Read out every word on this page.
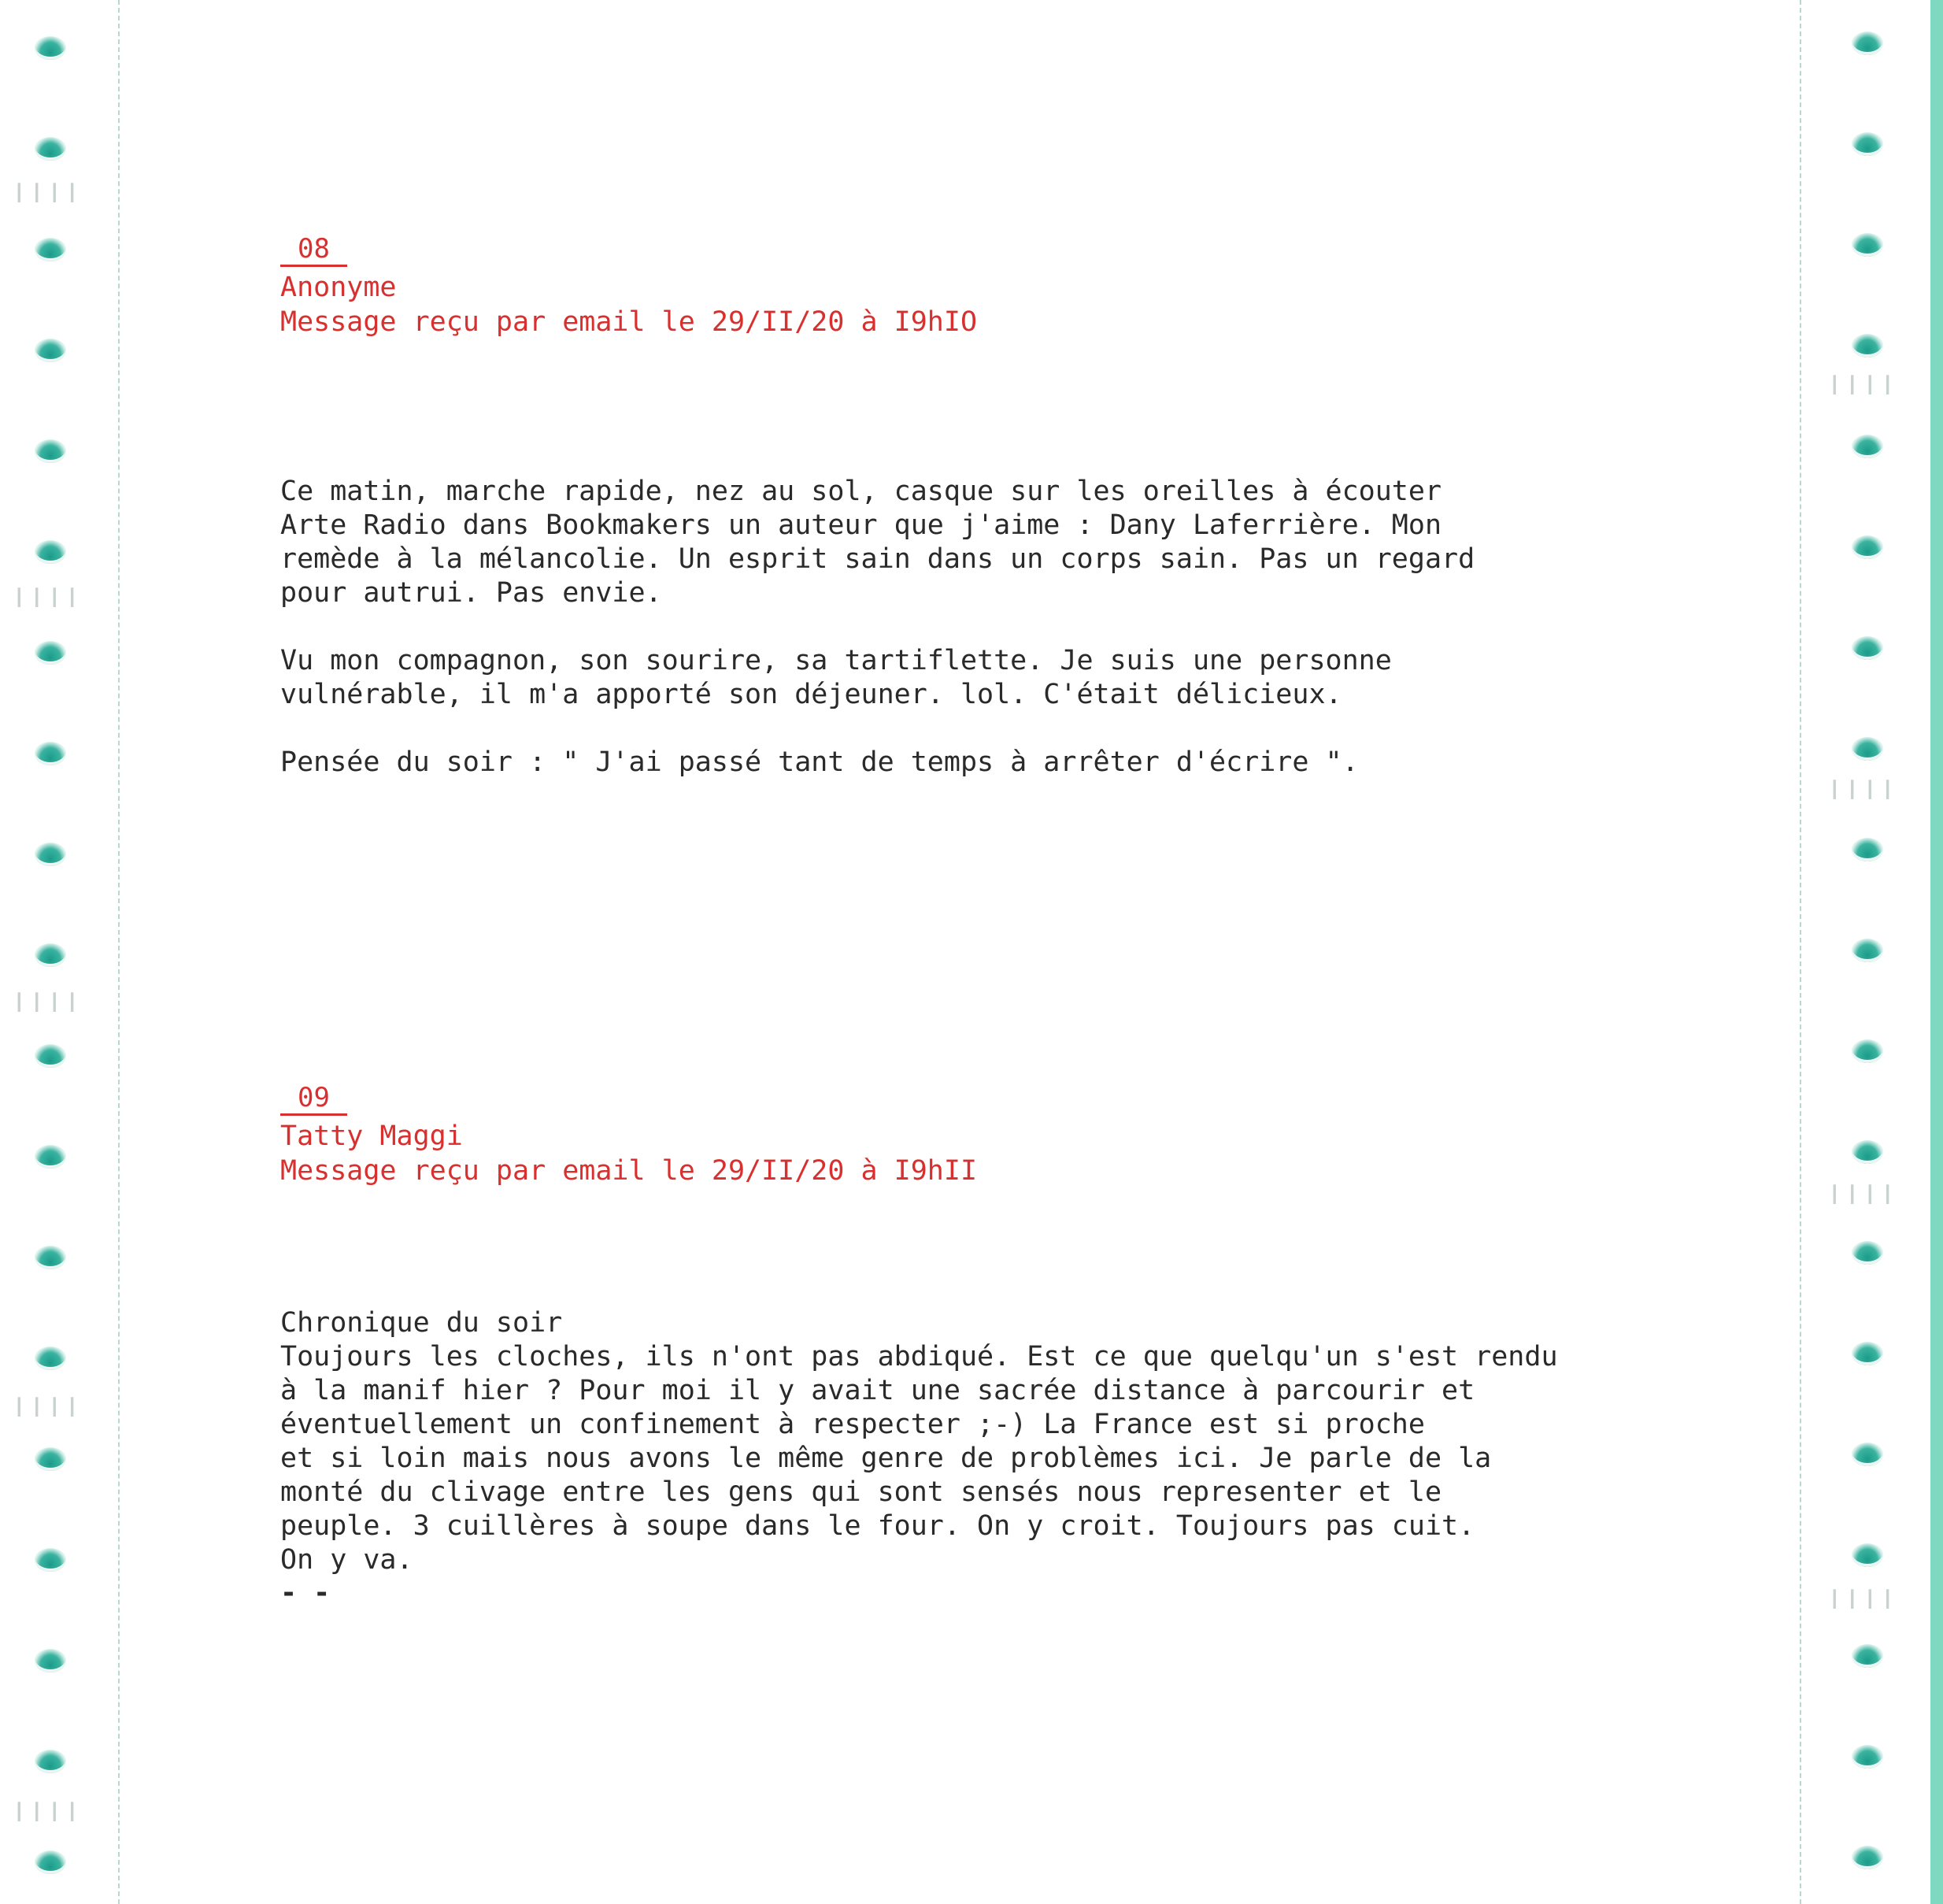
ǀǀǀǀ
ǀǀǀǀ
ǀǀǀǀ
ǀǀǀǀ
ǀǀǀǀ
ǀǀǀǀ
ǀǀǀǀ
ǀǀǀǀ
ǀǀǀǀ
08
Anonyme
Message reçu par email le 29/II/20 à I9hIO
Ce matin, marche rapide, nez au sol, casque sur les oreilles à écouter
Arte Radio dans Bookmakers un auteur que j'aime : Dany Laferrière. Mon
remède à la mélancolie. Un esprit sain dans un corps sain. Pas un regard
pour autrui. Pas envie.
Vu mon compagnon, son sourire, sa tartiflette. Je suis une personne
vulnérable, il m'a apporté son déjeuner. lol. C'était délicieux.
Pensée du soir : " J'ai passé tant de temps à arrêter d'écrire ".
09
Tatty Maggi
Message reçu par email le 29/II/20 à I9hII
Chronique du soir
Toujours les cloches, ils n'ont pas abdiqué. Est ce que quelqu'un s'est rendu
à la manif hier ? Pour moi il y avait une sacrée distance à parcourir et
éventuellement un confinement à respecter ;-) La France est si proche
et si loin mais nous avons le même genre de problèmes ici. Je parle de la
monté du clivage entre les gens qui sont sensés nous representer et le
peuple. 3 cuillères à soupe dans le four. On y croit. Toujours pas cuit.
On y va.
- -
